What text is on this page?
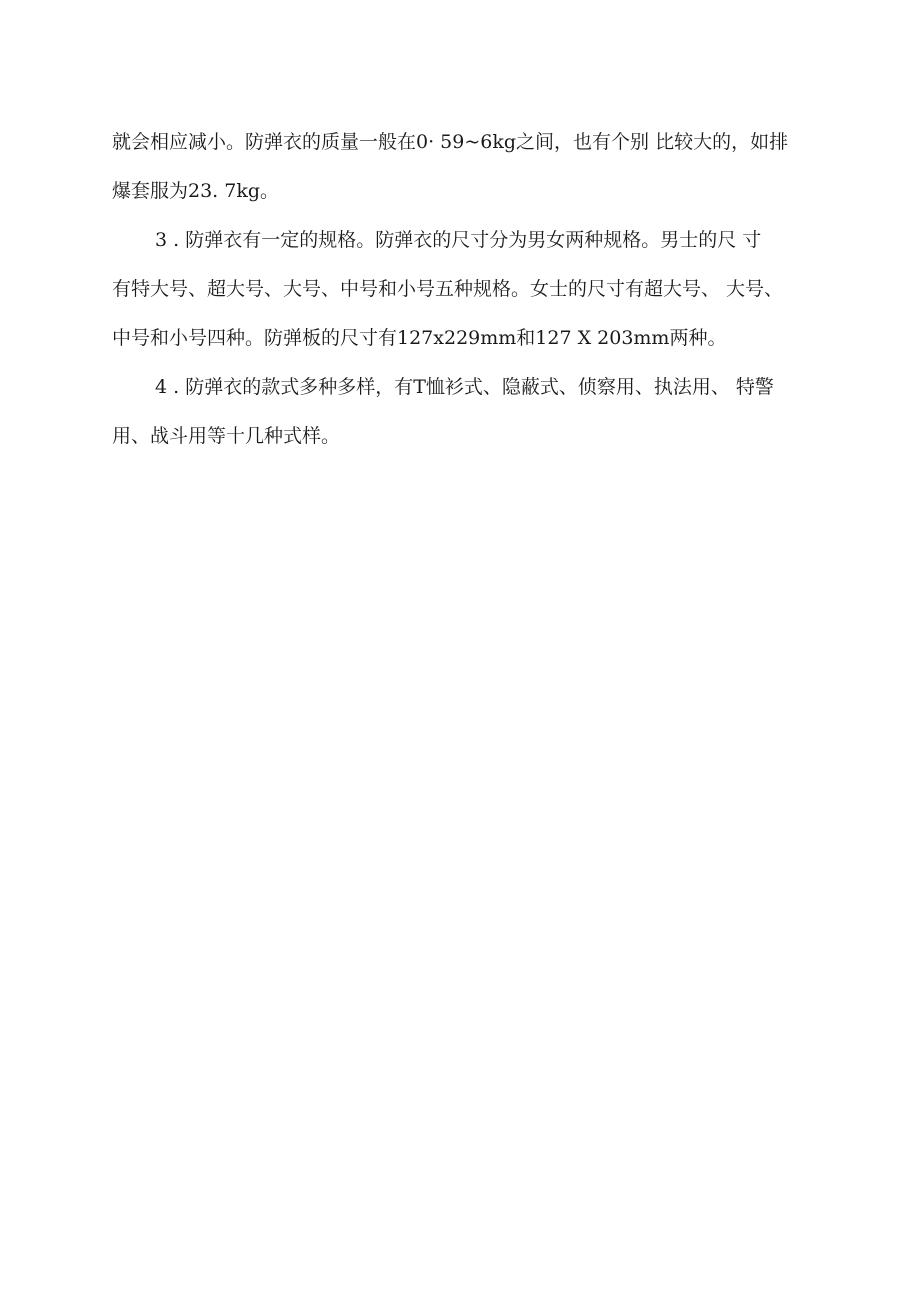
就会相应减小。防弹衣的质量一般在0· 59~6kg之间，也有个别 比较大的，如排
爆套服为23. 7kg。
3 . 防弹衣有一定的规格。防弹衣的尺寸分为男女两种规格。男士的尺 寸
有特大号、超大号、大号、中号和小号五种规格。女士的尺寸有超大号、 大号、
中号和小号四种。防弹板的尺寸有127x229mm和127 X 203mm两种。
4 . 防弹衣的款式多种多样，有T恤衫式、隐蔽式、侦察用、执法用、 特警
用、战斗用等十几种式样。
